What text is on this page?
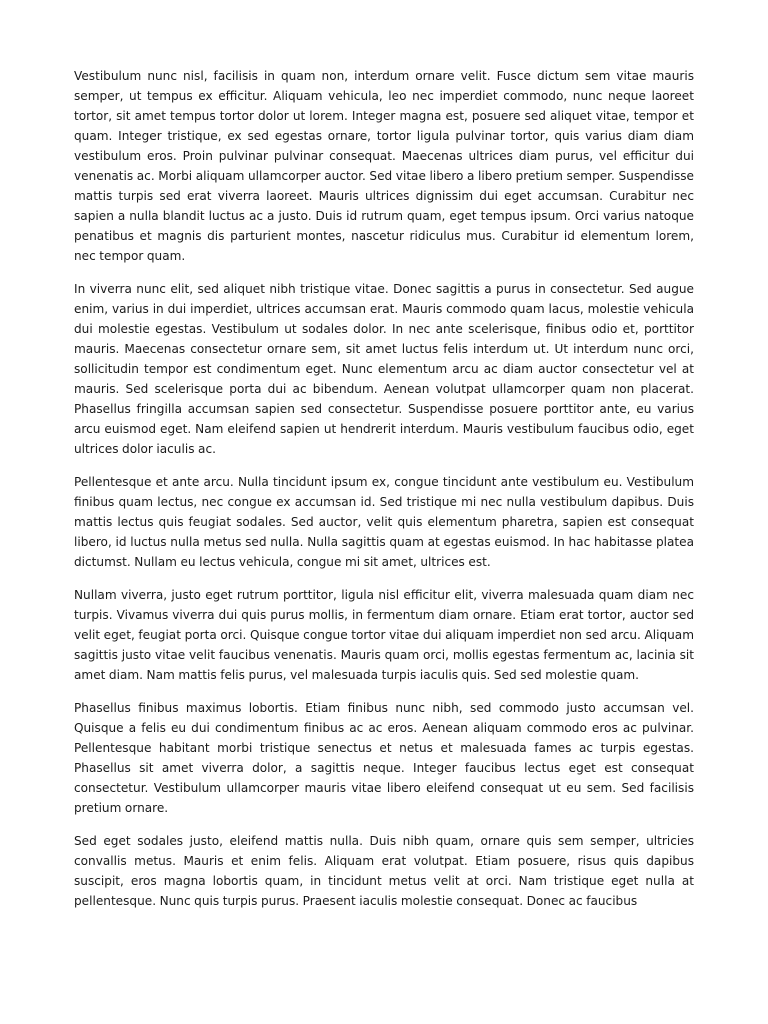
Vestibulum nunc nisl, facilisis in quam non, interdum ornare velit. Fusce dictum sem vitae mauris semper, ut tempus ex efficitur. Aliquam vehicula, leo nec imperdiet commodo, nunc neque laoreet tortor, sit amet tempus tortor dolor ut lorem. Integer magna est, posuere sed aliquet vitae, tempor et quam. Integer tristique, ex sed egestas ornare, tortor ligula pulvinar tortor, quis varius diam diam vestibulum eros. Proin pulvinar pulvinar consequat. Maecenas ultrices diam purus, vel efficitur dui venenatis ac. Morbi aliquam ullamcorper auctor. Sed vitae libero a libero pretium semper. Suspendisse mattis turpis sed erat viverra laoreet. Mauris ultrices dignissim dui eget accumsan. Curabitur nec sapien a nulla blandit luctus ac a justo. Duis id rutrum quam, eget tempus ipsum. Orci varius natoque penatibus et magnis dis parturient montes, nascetur ridiculus mus. Curabitur id elementum lorem, nec tempor quam.

In viverra nunc elit, sed aliquet nibh tristique vitae. Donec sagittis a purus in consectetur. Sed augue enim, varius in dui imperdiet, ultrices accumsan erat. Mauris commodo quam lacus, molestie vehicula dui molestie egestas. Vestibulum ut sodales dolor. In nec ante scelerisque, finibus odio et, porttitor mauris. Maecenas consectetur ornare sem, sit amet luctus felis interdum ut. Ut interdum nunc orci, sollicitudin tempor est condimentum eget. Nunc elementum arcu ac diam auctor consectetur vel at mauris. Sed scelerisque porta dui ac bibendum. Aenean volutpat ullamcorper quam non placerat. Phasellus fringilla accumsan sapien sed consectetur. Suspendisse posuere porttitor ante, eu varius arcu euismod eget. Nam eleifend sapien ut hendrerit interdum. Mauris vestibulum faucibus odio, eget ultrices dolor iaculis ac.

Pellentesque et ante arcu. Nulla tincidunt ipsum ex, congue tincidunt ante vestibulum eu. Vestibulum finibus quam lectus, nec congue ex accumsan id. Sed tristique mi nec nulla vestibulum dapibus. Duis mattis lectus quis feugiat sodales. Sed auctor, velit quis elementum pharetra, sapien est consequat libero, id luctus nulla metus sed nulla. Nulla sagittis quam at egestas euismod. In hac habitasse platea dictumst. Nullam eu lectus vehicula, congue mi sit amet, ultrices est.

Nullam viverra, justo eget rutrum porttitor, ligula nisl efficitur elit, viverra malesuada quam diam nec turpis. Vivamus viverra dui quis purus mollis, in fermentum diam ornare. Etiam erat tortor, auctor sed velit eget, feugiat porta orci. Quisque congue tortor vitae dui aliquam imperdiet non sed arcu. Aliquam sagittis justo vitae velit faucibus venenatis. Mauris quam orci, mollis egestas fermentum ac, lacinia sit amet diam. Nam mattis felis purus, vel malesuada turpis iaculis quis. Sed sed molestie quam.

Phasellus finibus maximus lobortis. Etiam finibus nunc nibh, sed commodo justo accumsan vel. Quisque a felis eu dui condimentum finibus ac ac eros. Aenean aliquam commodo eros ac pulvinar. Pellentesque habitant morbi tristique senectus et netus et malesuada fames ac turpis egestas. Phasellus sit amet viverra dolor, a sagittis neque. Integer faucibus lectus eget est consequat consectetur. Vestibulum ullamcorper mauris vitae libero eleifend consequat ut eu sem. Sed facilisis pretium ornare.

Sed eget sodales justo, eleifend mattis nulla. Duis nibh quam, ornare quis sem semper, ultricies convallis metus. Mauris et enim felis. Aliquam erat volutpat. Etiam posuere, risus quis dapibus suscipit, eros magna lobortis quam, in tincidunt metus velit at orci. Nam tristique eget nulla at pellentesque. Nunc quis turpis purus. Praesent iaculis molestie consequat. Donec ac faucibus
